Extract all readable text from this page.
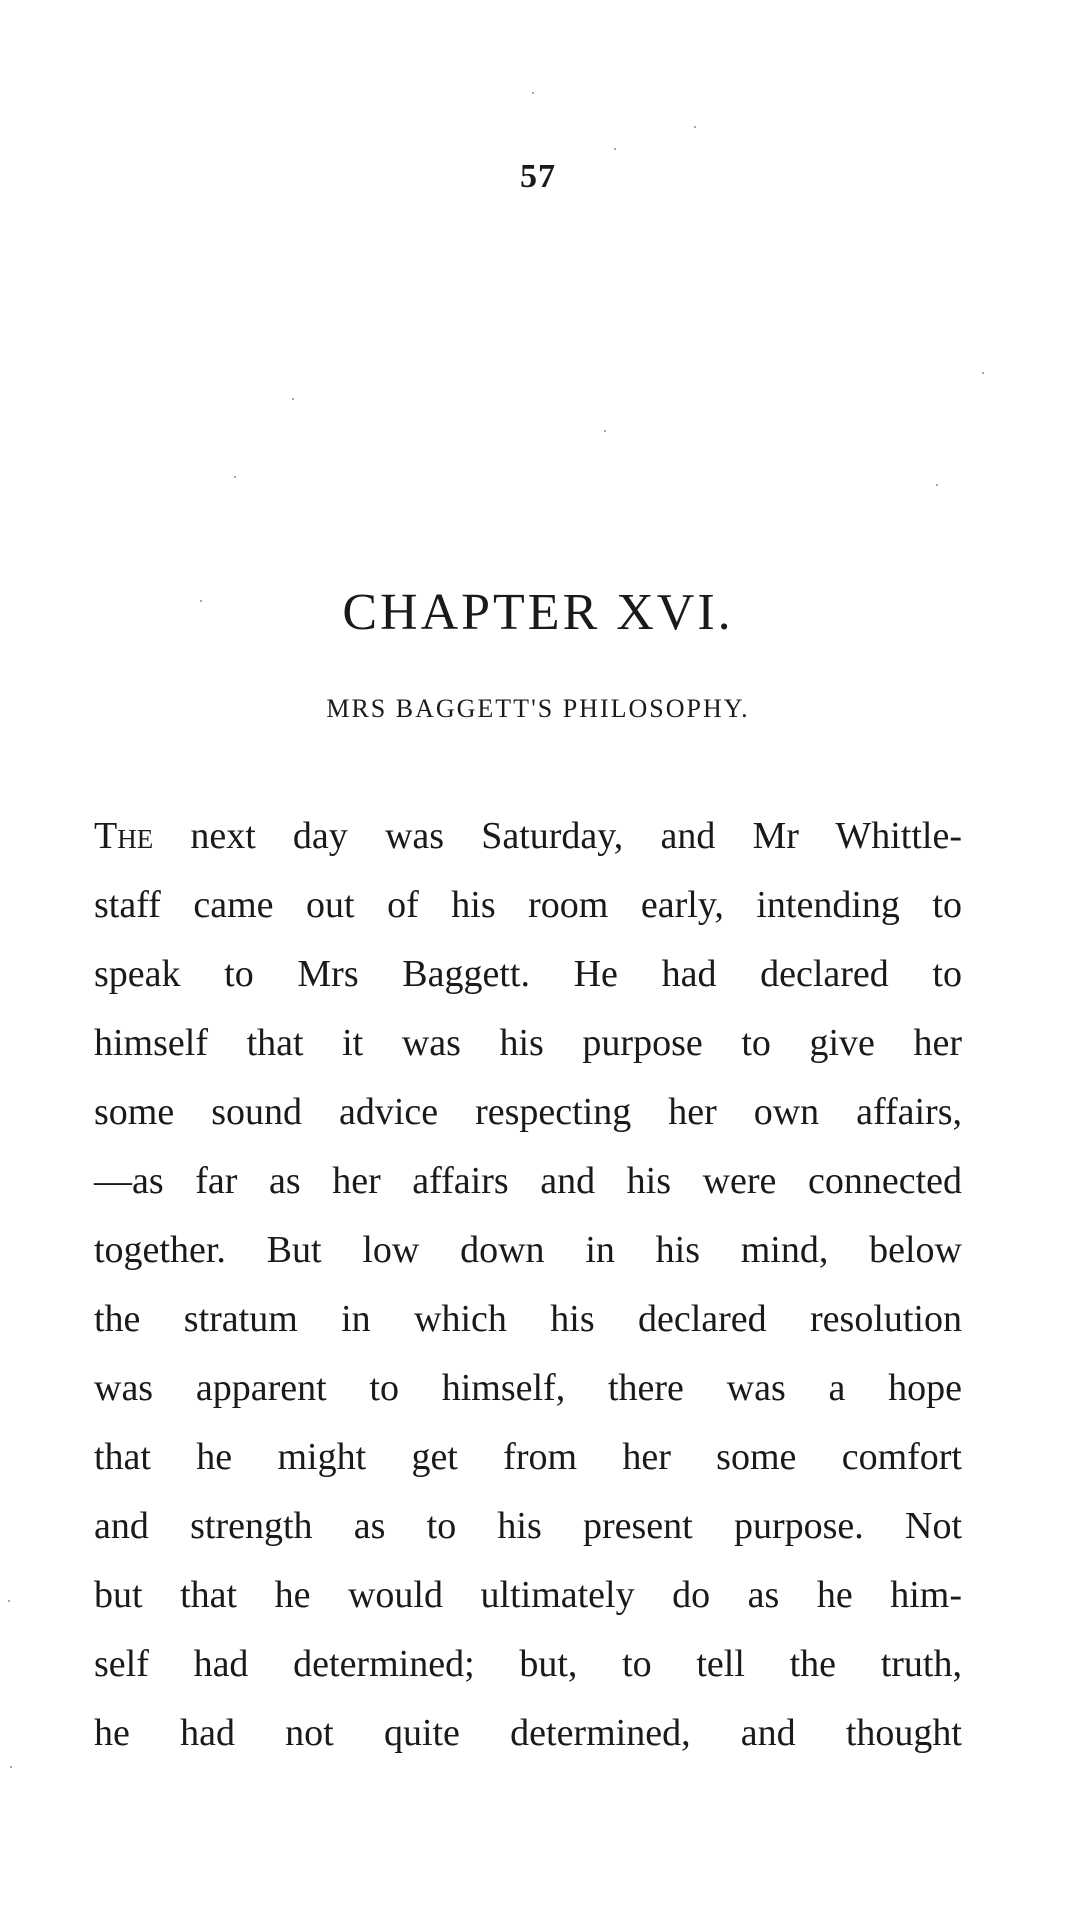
57
CHAPTER XVI.
MRS BAGGETT'S PHILOSOPHY.
The next day was Saturday, and Mr Whittle-
staff came out of his room early, intending to
speak to Mrs Baggett. He had declared to
himself that it was his purpose to give her
some sound advice respecting her own affairs,
—as far as her affairs and his were connected
together. But low down in his mind, below
the stratum in which his declared resolution
was apparent to himself, there was a hope
that he might get from her some comfort
and strength as to his present purpose. Not
but that he would ultimately do as he him-
self had determined; but, to tell the truth,
he had not quite determined, and thought
